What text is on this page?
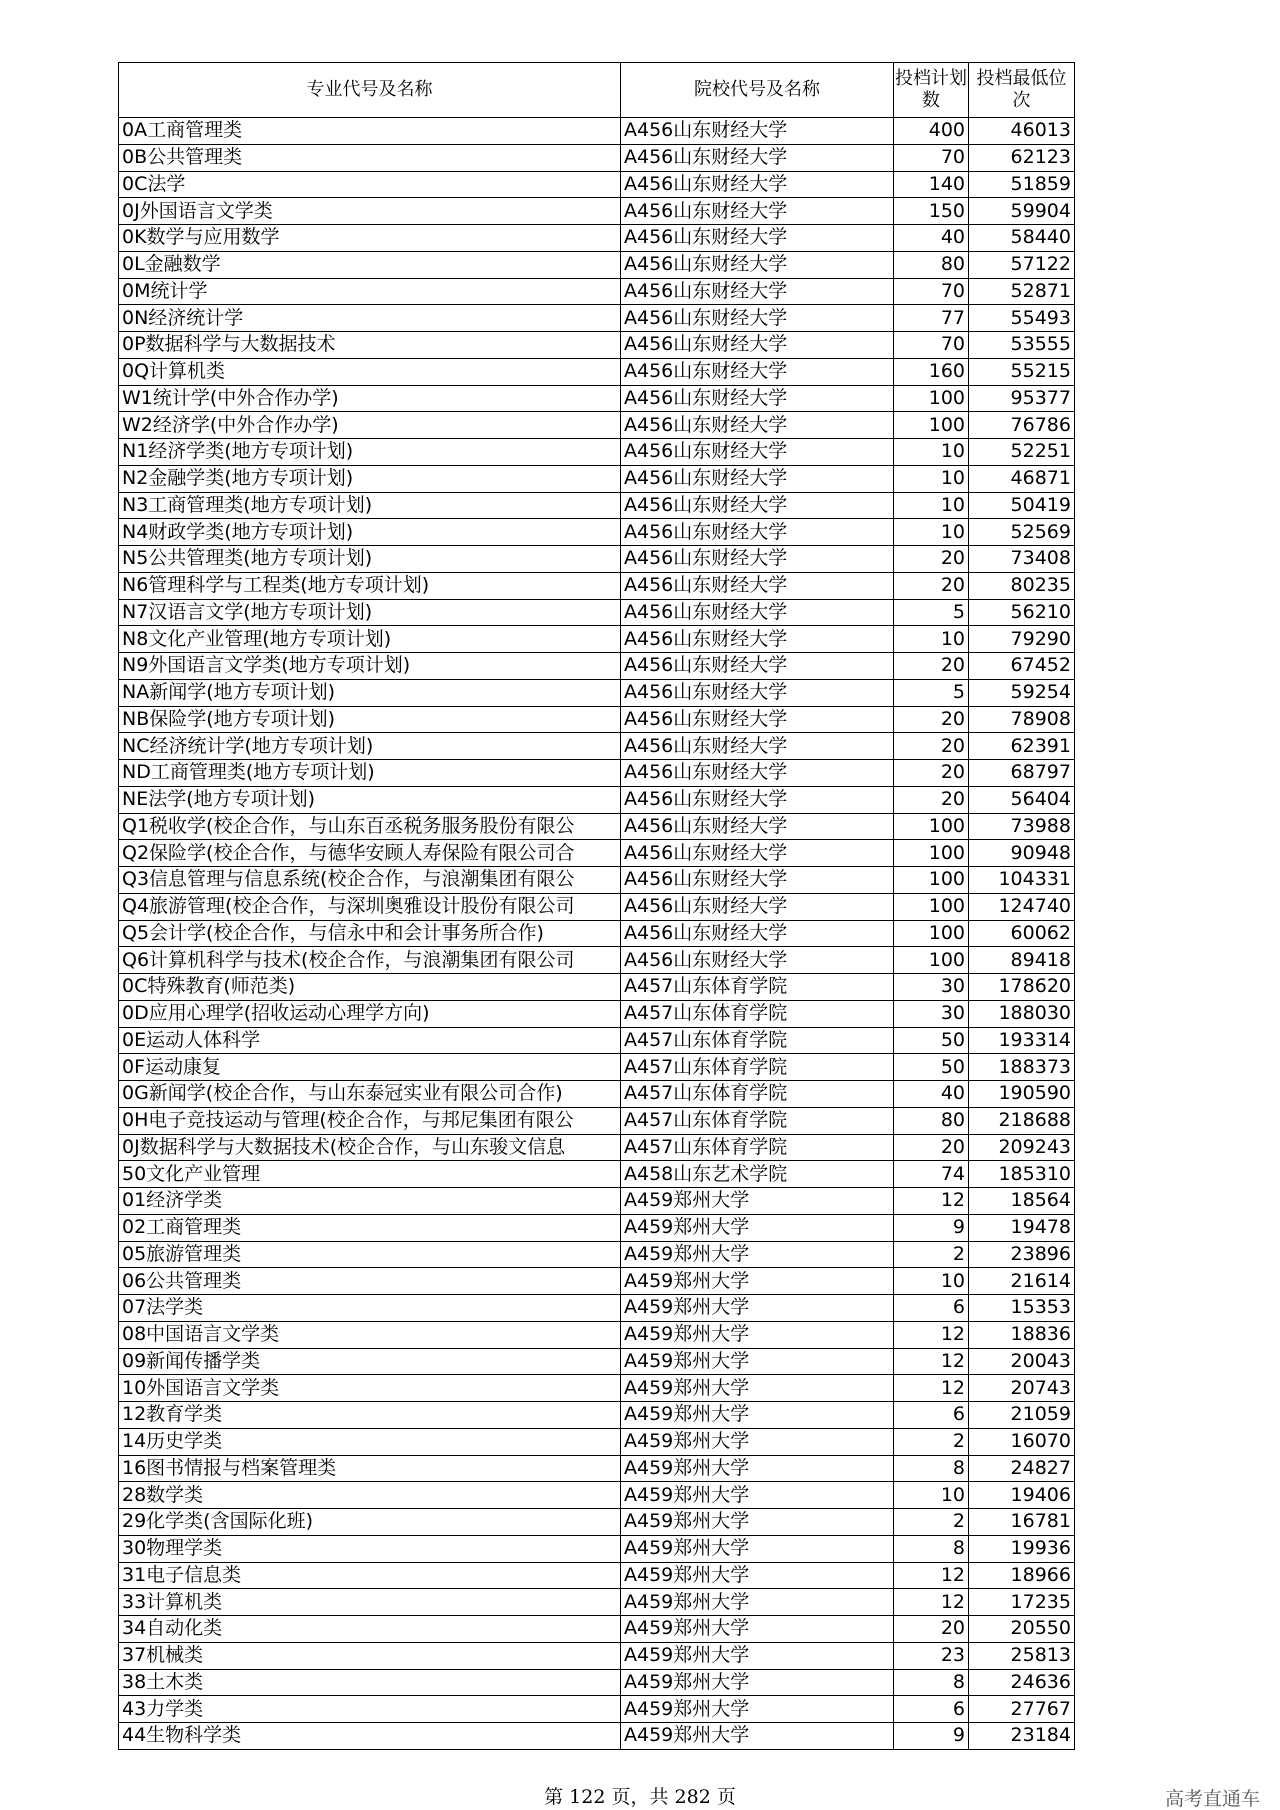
专业代号及名称	院校代号及名称	投档计划数	投档最低位次
0A工商管理类	A456山东财经大学	400	46013
0B公共管理类	A456山东财经大学	70	62123
0C法学	A456山东财经大学	140	51859
0J外国语言文学类	A456山东财经大学	150	59904
0K数学与应用数学	A456山东财经大学	40	58440
0L金融数学	A456山东财经大学	80	57122
0M统计学	A456山东财经大学	70	52871
0N经济统计学	A456山东财经大学	77	55493
0P数据科学与大数据技术	A456山东财经大学	70	53555
0Q计算机类	A456山东财经大学	160	55215
W1统计学(中外合作办学)	A456山东财经大学	100	95377
W2经济学(中外合作办学)	A456山东财经大学	100	76786
N1经济学类(地方专项计划)	A456山东财经大学	10	52251
N2金融学类(地方专项计划)	A456山东财经大学	10	46871
N3工商管理类(地方专项计划)	A456山东财经大学	10	50419
N4财政学类(地方专项计划)	A456山东财经大学	10	52569
N5公共管理类(地方专项计划)	A456山东财经大学	20	73408
N6管理科学与工程类(地方专项计划)	A456山东财经大学	20	80235
N7汉语言文学(地方专项计划)	A456山东财经大学	5	56210
N8文化产业管理(地方专项计划)	A456山东财经大学	10	79290
N9外国语言文学类(地方专项计划)	A456山东财经大学	20	67452
NA新闻学(地方专项计划)	A456山东财经大学	5	59254
NB保险学(地方专项计划)	A456山东财经大学	20	78908
NC经济统计学(地方专项计划)	A456山东财经大学	20	62391
ND工商管理类(地方专项计划)	A456山东财经大学	20	68797
NE法学(地方专项计划)	A456山东财经大学	20	56404
Q1税收学(校企合作，与山东百丞税务服务股份有限公	A456山东财经大学	100	73988
Q2保险学(校企合作，与德华安顾人寿保险有限公司合	A456山东财经大学	100	90948
Q3信息管理与信息系统(校企合作，与浪潮集团有限公	A456山东财经大学	100	104331
Q4旅游管理(校企合作，与深圳奥雅设计股份有限公司	A456山东财经大学	100	124740
Q5会计学(校企合作，与信永中和会计事务所合作)	A456山东财经大学	100	60062
Q6计算机科学与技术(校企合作，与浪潮集团有限公司	A456山东财经大学	100	89418
0C特殊教育(师范类)	A457山东体育学院	30	178620
0D应用心理学(招收运动心理学方向)	A457山东体育学院	30	188030
0E运动人体科学	A457山东体育学院	50	193314
0F运动康复	A457山东体育学院	50	188373
0G新闻学(校企合作，与山东泰冠实业有限公司合作)	A457山东体育学院	40	190590
0H电子竞技运动与管理(校企合作，与邦尼集团有限公	A457山东体育学院	80	218688
0J数据科学与大数据技术(校企合作，与山东骏文信息	A457山东体育学院	20	209243
50文化产业管理	A458山东艺术学院	74	185310
01经济学类	A459郑州大学	12	18564
02工商管理类	A459郑州大学	9	19478
05旅游管理类	A459郑州大学	2	23896
06公共管理类	A459郑州大学	10	21614
07法学类	A459郑州大学	6	15353
08中国语言文学类	A459郑州大学	12	18836
09新闻传播学类	A459郑州大学	12	20043
10外国语言文学类	A459郑州大学	12	20743
12教育学类	A459郑州大学	6	21059
14历史学类	A459郑州大学	2	16070
16图书情报与档案管理类	A459郑州大学	8	24827
28数学类	A459郑州大学	10	19406
29化学类(含国际化班)	A459郑州大学	2	16781
30物理学类	A459郑州大学	8	19936
31电子信息类	A459郑州大学	12	18966
33计算机类	A459郑州大学	12	17235
34自动化类	A459郑州大学	20	20550
37机械类	A459郑州大学	23	25813
38土木类	A459郑州大学	8	24636
43力学类	A459郑州大学	6	27767
44生物科学类	A459郑州大学	9	23184
第 122 页，共 282 页	高考直通车
